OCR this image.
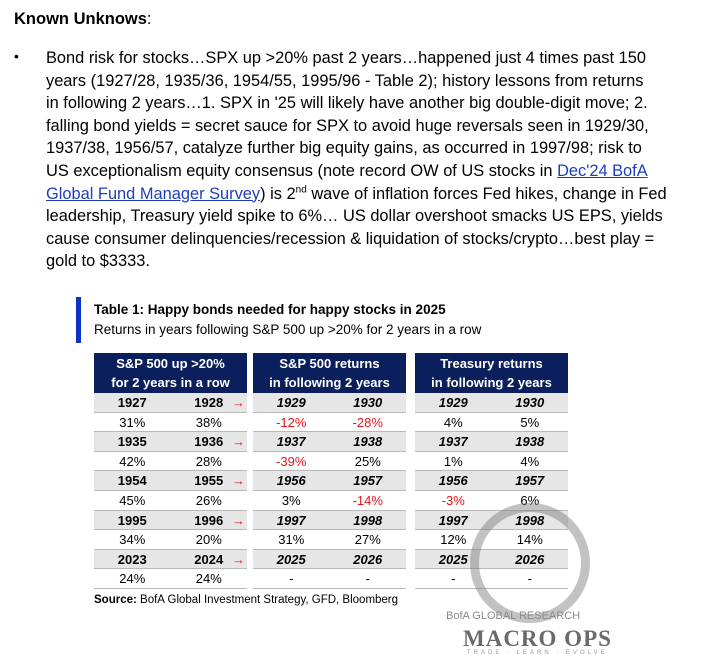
Known Unknows:
• Bond risk for stocks…SPX up >20% past 2 years…happened just 4 times past 150
years (1927/28, 1935/36, 1954/55, 1995/96 - Table 2); history lessons from returns
in following 2 years…1. SPX in '25 will likely have another big double-digit move; 2.
falling bond yields = secret sauce for SPX to avoid huge reversals seen in 1929/30,
1937/38, 1956/57, catalyze further big equity gains, as occurred in 1997/98; risk to
US exceptionalism equity consensus (note record OW of US stocks in Dec'24 BofA
Global Fund Manager Survey) is 2nd wave of inflation forces Fed hikes, change in Fed
leadership, Treasury yield spike to 6%… US dollar overshoot smacks US EPS, yields
cause consumer delinquencies/recession & liquidation of stocks/crypto…best play =
gold to $3333.
Table 1: Happy bonds needed for happy stocks in 2025
Returns in years following S&P 500 up >20% for 2 years in a row
S&P 500 up >20%
for 2 years in a row
1927	1928
31%	38%
1935	1936
42%	28%
1954	1955
45%	26%
1995	1996
34%	20%
2023	2024
24%	24%
S&P 500 returns
in following 2 years
1929	1930
-12%	-28%
1937	1938
-39%	25%
1956	1957
3%	-14%
1997	1998
31%	27%
2025	2026
-	-
Treasury returns
in following 2 years
1929	1930
4%	5%
1937	1938
1%	4%
1956	1957
-3%	6%
1997	1998
12%	14%
2025	2026
-	-
→
→
→
→
→
Source: BofA Global Investment Strategy, GFD, Bloomberg
BofA GLOBAL RESEARCH
MACRO OPS
TRADE · LEARN · EVOLVE
